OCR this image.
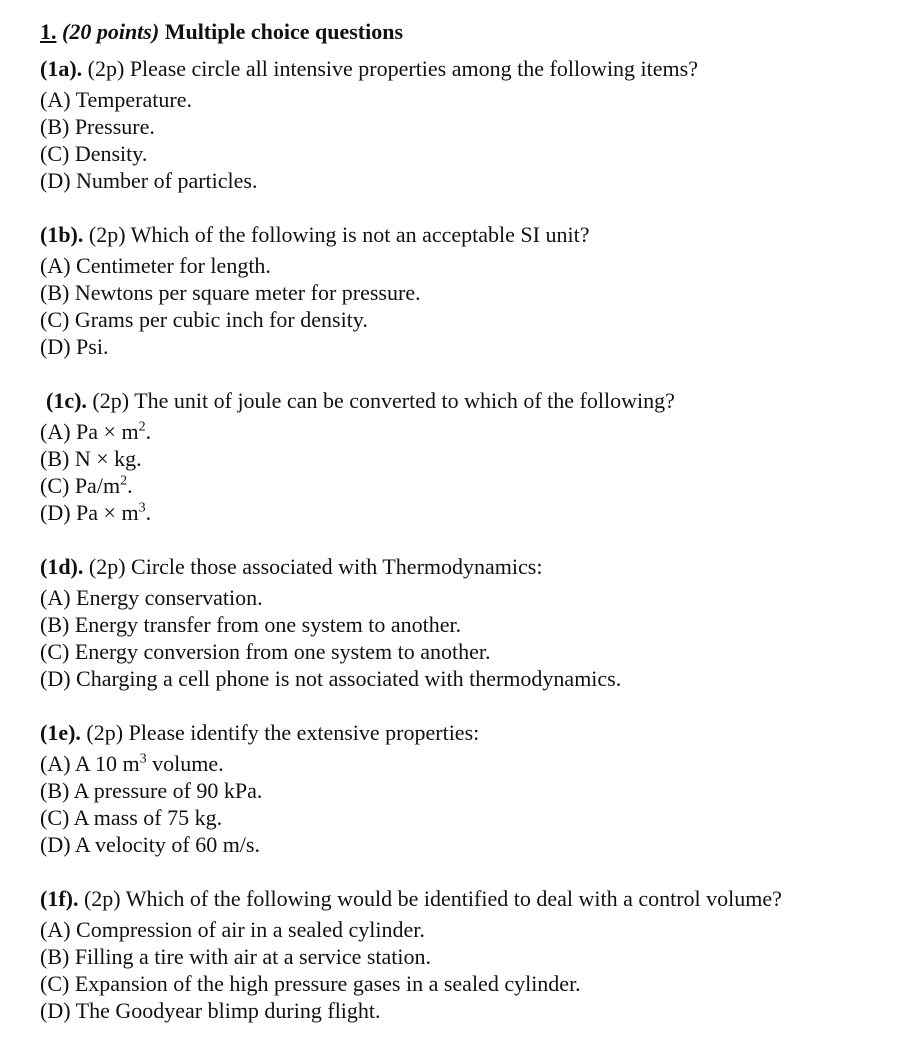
1. (20 points) Multiple choice questions
(1a). (2p) Please circle all intensive properties among the following items?
(A) Temperature.
(B) Pressure.
(C) Density.
(D) Number of particles.
(1b). (2p) Which of the following is not an acceptable SI unit?
(A) Centimeter for length.
(B) Newtons per square meter for pressure.
(C) Grams per cubic inch for density.
(D) Psi.
(1c). (2p) The unit of joule can be converted to which of the following?
(A) $Pa \times m^2$.
(B) N × kg.
(C) $Pa/m^2$.
(D) $Pa \times m^3$.
(1d). (2p) Circle those associated with Thermodynamics:
(A) Energy conservation.
(B) Energy transfer from one system to another.
(C) Energy conversion from one system to another.
(D) Charging a cell phone is not associated with thermodynamics.
(1e). (2p) Please identify the extensive properties:
(A) A 10 $m^3$ volume.
(B) A pressure of 90 kPa.
(C) A mass of 75 kg.
(D) A velocity of 60 m/s.
(1f). (2p) Which of the following would be identified to deal with a control volume?
(A) Compression of air in a sealed cylinder.
(B) Filling a tire with air at a service station.
(C) Expansion of the high pressure gases in a sealed cylinder.
(D) The Goodyear blimp during flight.
